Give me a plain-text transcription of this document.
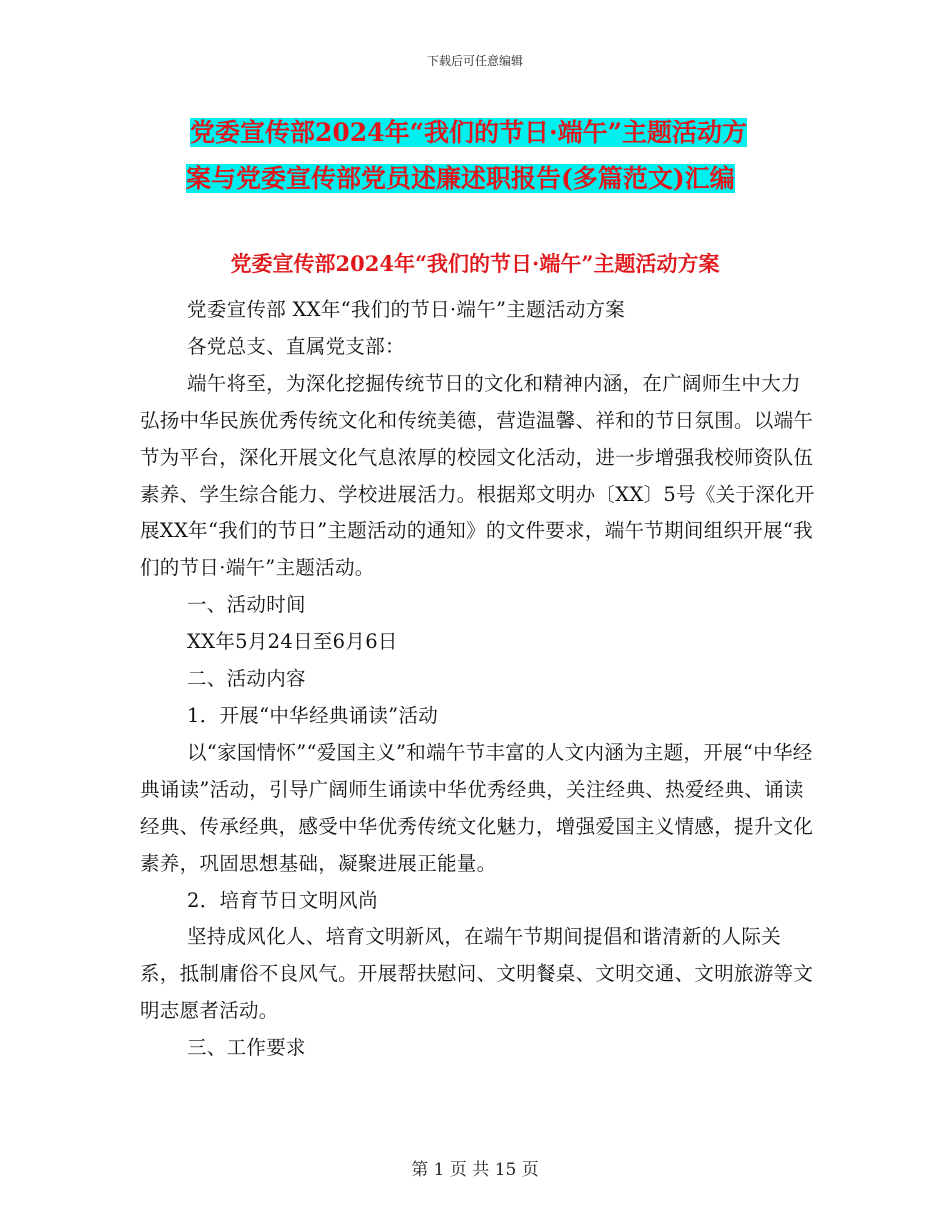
下载后可任意编辑
党委宣传部2024年“我们的节日·端午”主题活动方
案与党委宣传部党员述廉述职报告(多篇范文)汇编
党委宣传部2024年“我们的节日·端午”主题活动方案

党委宣传部 XX年“我们的节日·端午”主题活动方案

各党总支、直属党支部：

端午将至，为深化挖掘传统节日的文化和精神内涵，在广阔师生中大力弘扬中华民族优秀传统文化和传统美德，营造温馨、祥和的节日氛围。以端午节为平台，深化开展文化气息浓厚的校园文化活动，进一步增强我校师资队伍素养、学生综合能力、学校进展活力。根据郑文明办〔XX〕5号《关于深化开展XX年“我们的节日”主题活动的通知》的文件要求，端午节期间组织开展“我们的节日·端午”主题活动。

一、活动时间

XX年5月24日至6月6日

二、活动内容

1．开展“中华经典诵读”活动

以“家国情怀”“爱国主义”和端午节丰富的人文内涵为主题，开展“中华经典诵读”活动，引导广阔师生诵读中华优秀经典，关注经典、热爱经典、诵读经典、传承经典，感受中华优秀传统文化魅力，增强爱国主义情感，提升文化素养，巩固思想基础，凝聚进展正能量。

2．培育节日文明风尚

坚持成风化人、培育文明新风，在端午节期间提倡和谐清新的人际关系，抵制庸俗不良风气。开展帮扶慰问、文明餐桌、文明交通、文明旅游等文明志愿者活动。

三、工作要求

第 1 页 共 15 页
